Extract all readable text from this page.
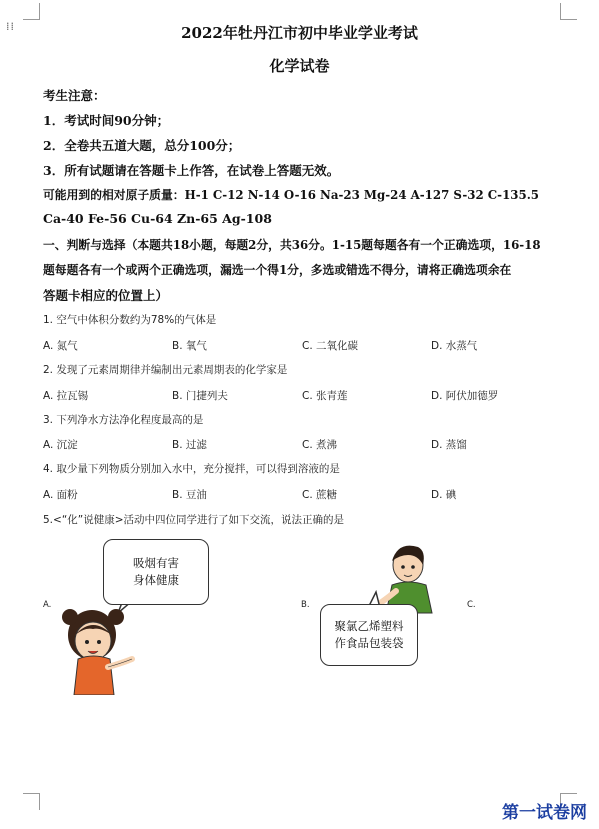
⁞⁞	2022年牡丹江市初中毕业学业考试
化学试卷
考生注意：
1．考试时间90分钟；
2．全卷共五道大题，总分100分；
3．所有试题请在答题卡上作答，在试卷上答题无效。
可能用到的相对原子质量：H-1 C-12 N-14 O-16 Na-23 Mg-24 A-127 S-32 C-135.5
Ca-40 Fe-56 Cu-64 Zn-65 Ag-108
一、判断与选择（本题共18小题，每题2分，共36分。1-15题每题各有一个正确选项，16-18
题每题各有一个或两个正确选项，漏选一个得1分，多选或错选不得分，请将正确选项余在
答题卡相应的位置上）
1. 空气中体积分数约为78%的气体是
A. 氮气	B. 氧气	C. 二氧化碳	D. 水蒸气
2. 发现了元素周期律并编制出元素周期表的化学家是
A. 拉瓦锡	B. 门捷列夫	C. 张青莲	D. 阿伏加德罗
3. 下列净水方法净化程度最高的是
A. 沉淀	B. 过滤	C. 煮沸	D. 蒸馏
4. 取少量下列物质分别加入水中，充分搅拌，可以得到溶液的是
A. 面粉	B. 豆油	C. 蔗糖	D. 碘
5.<“化”说健康>活动中四位同学进行了如下交流，说法正确的是
A.	B.	C.
吸烟有害
身体健康
聚氯乙烯塑料
作食品包装袋
第一试卷网
